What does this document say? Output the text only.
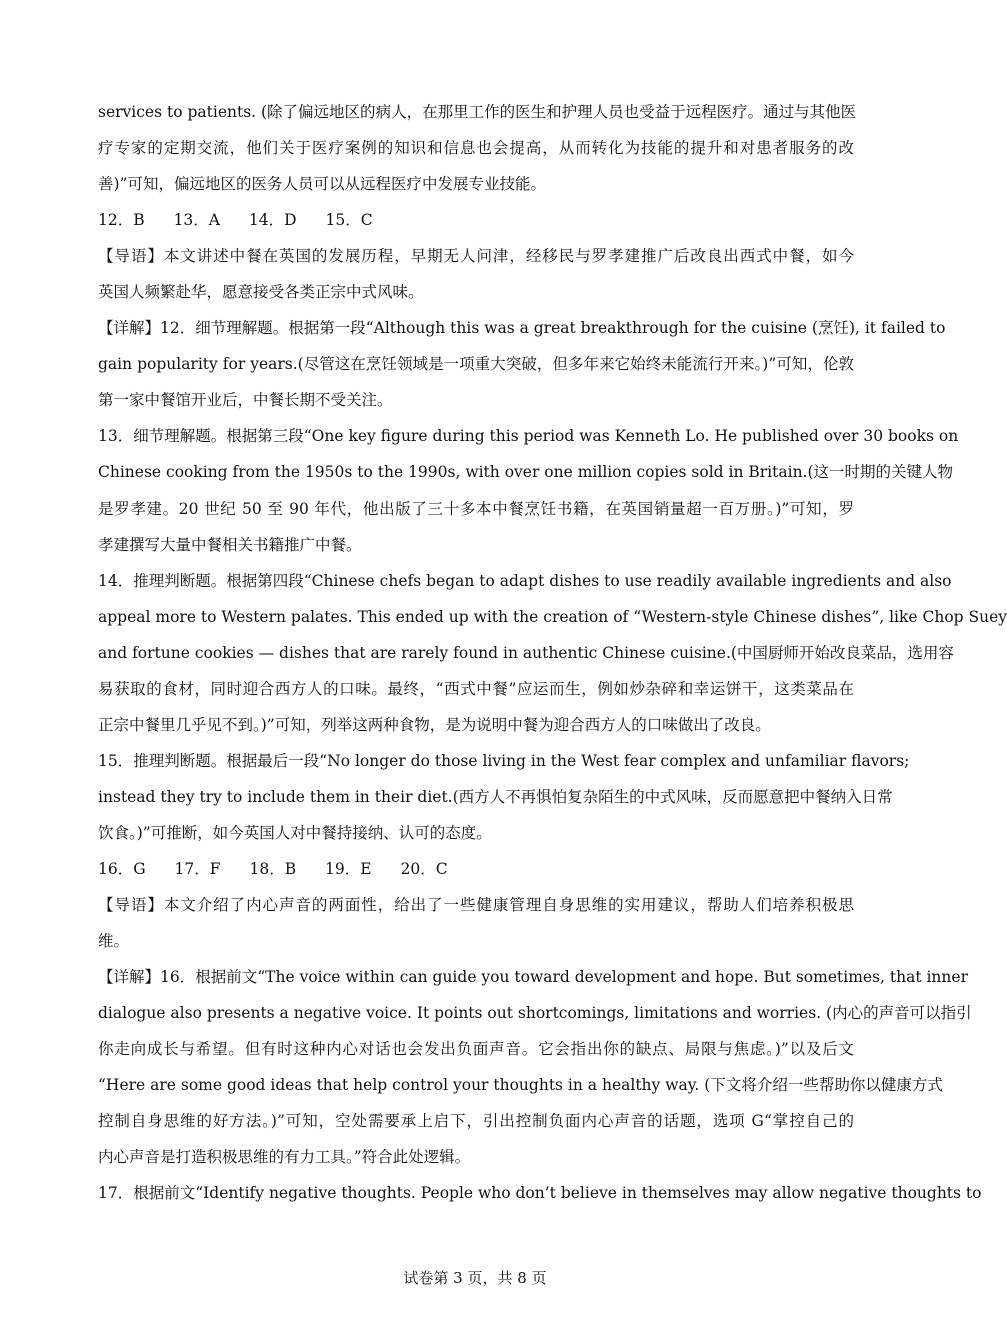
services to patients. (除了偏远地区的病人，在那里工作的医生和护理人员也受益于远程医疗。通过与其他医
疗专家的定期交流，他们关于医疗案例的知识和信息也会提高，从而转化为技能的提升和对患者服务的改
善)”可知，偏远地区的医务人员可以从远程医疗中发展专业技能。
12．B 13．A 14．D 15．C
【导语】本文讲述中餐在英国的发展历程，早期无人问津，经移民与罗孝建推广后改良出西式中餐，如今
英国人频繁赴华，愿意接受各类正宗中式风味。
【详解】12．细节理解题。根据第一段“Although this was a great breakthrough for the cuisine (烹饪), it failed to
gain popularity for years.(尽管这在烹饪领域是一项重大突破，但多年来它始终未能流行开来。)”可知，伦敦
第一家中餐馆开业后，中餐长期不受关注。
13．细节理解题。根据第三段“One key figure during this period was Kenneth Lo. He published over 30 books on
Chinese cooking from the 1950s to the 1990s, with over one million copies sold in Britain.(这一时期的关键人物
是罗孝建。20 世纪 50 至 90 年代，他出版了三十多本中餐烹饪书籍，在英国销量超一百万册。)”可知，罗
孝建撰写大量中餐相关书籍推广中餐。
14．推理判断题。根据第四段“Chinese chefs began to adapt dishes to use readily available ingredients and also
appeal more to Western palates. This ended up with the creation of “Western-style Chinese dishes”, like Chop Suey
and fortune cookies — dishes that are rarely found in authentic Chinese cuisine.(中国厨师开始改良菜品，选用容
易获取的食材，同时迎合西方人的口味。最终，“西式中餐”应运而生，例如炒杂碎和幸运饼干，这类菜品在
正宗中餐里几乎见不到。)”可知，列举这两种食物，是为说明中餐为迎合西方人的口味做出了改良。
15．推理判断题。根据最后一段“No longer do those living in the West fear complex and unfamiliar flavors;
instead they try to include them in their diet.(西方人不再惧怕复杂陌生的中式风味，反而愿意把中餐纳入日常
饮食。)”可推断，如今英国人对中餐持接纳、认可的态度。
16．G 17．F 18．B 19．E 20．C
【导语】本文介绍了内心声音的两面性，给出了一些健康管理自身思维的实用建议，帮助人们培养积极思
维。
【详解】16．根据前文“The voice within can guide you toward development and hope. But sometimes, that inner
dialogue also presents a negative voice. It points out shortcomings, limitations and worries. (内心的声音可以指引
你走向成长与希望。但有时这种内心对话也会发出负面声音。它会指出你的缺点、局限与焦虑。)”以及后文
“Here are some good ideas that help control your thoughts in a healthy way. (下文将介绍一些帮助你以健康方式
控制自身思维的好方法。)”可知，空处需要承上启下，引出控制负面内心声音的话题，选项 G“掌控自己的
内心声音是打造积极思维的有力工具。”符合此处逻辑。
17．根据前文“Identify negative thoughts. People who don’t believe in themselves may allow negative thoughts to
试卷第 3 页，共 8 页
